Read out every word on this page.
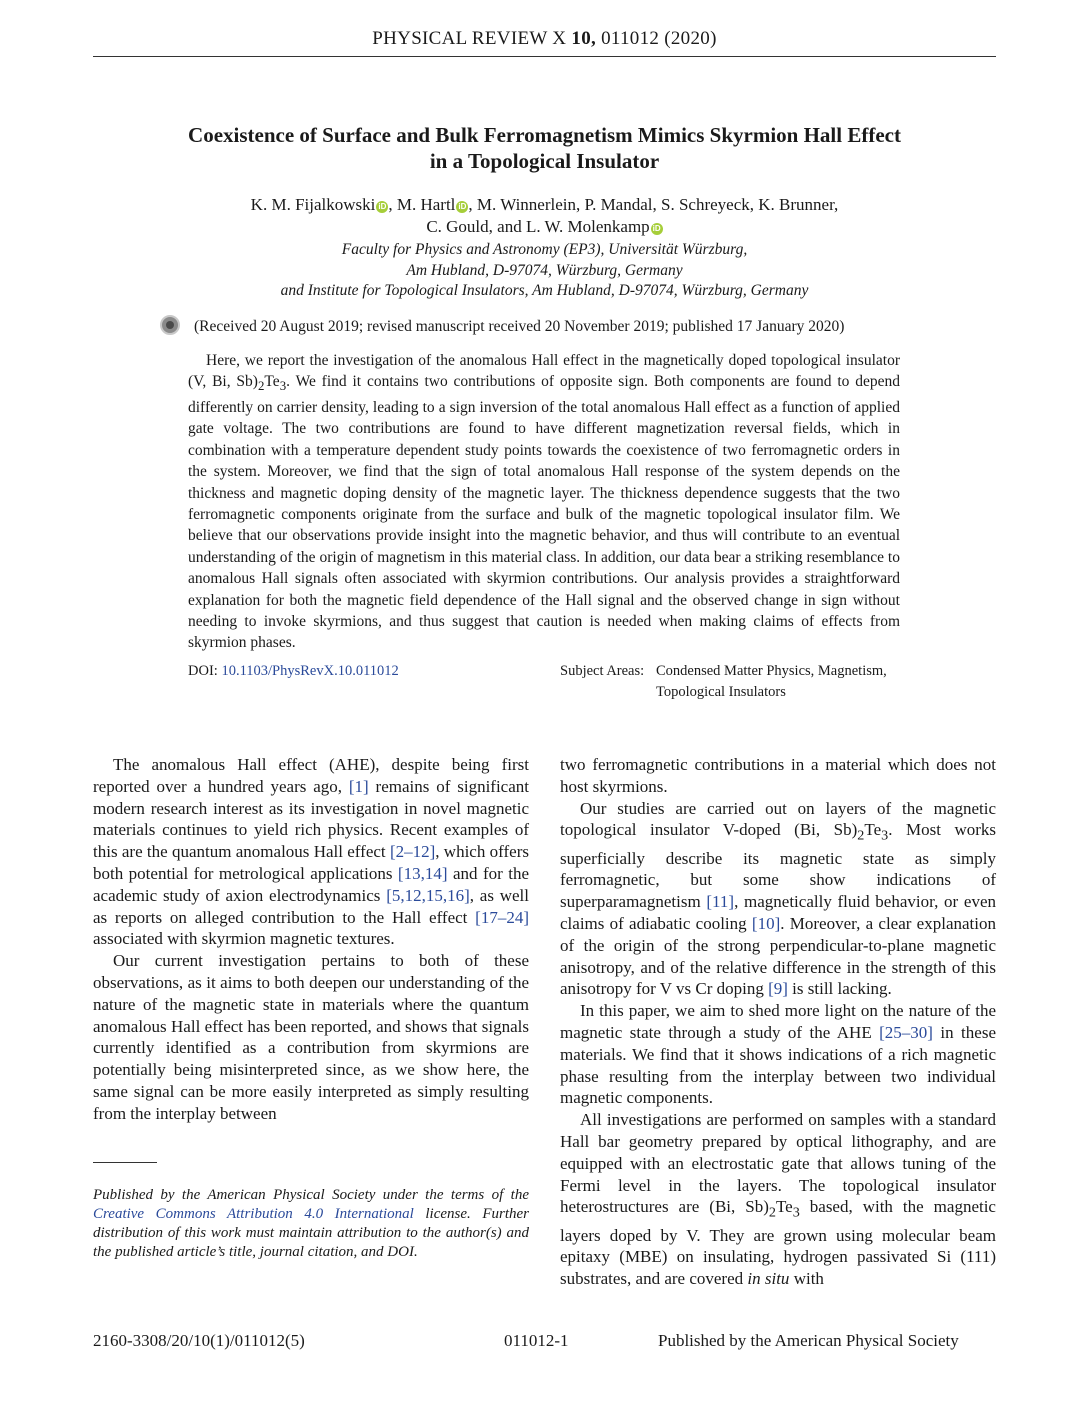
PHYSICAL REVIEW X 10, 011012 (2020)
Coexistence of Surface and Bulk Ferromagnetism Mimics Skyrmion Hall Effect
in a Topological Insulator
K. M. Fijalkowski iD , M. Hartl iD , M. Winnerlein, P. Mandal, S. Schreyeck, K. Brunner,
C. Gould, and L. W. Molenkamp iD
Faculty for Physics and Astronomy (EP3), Universität Würzburg,
Am Hubland, D-97074, Würzburg, Germany
and Institute for Topological Insulators, Am Hubland, D-97074, Würzburg, Germany
(Received 20 August 2019; revised manuscript received 20 November 2019; published 17 January 2020)

Here, we report the investigation of the anomalous Hall effect in the magnetically doped topological insulator (V, Bi, $Sb)_2Te_3$. We find it contains two contributions of opposite sign. Both components are found to depend differently on carrier density, leading to a sign inversion of the total anomalous Hall effect as a function of applied gate voltage. The two contributions are found to have different magnetization reversal fields, which in combination with a temperature dependent study points towards the coexistence of two ferromagnetic orders in the system. Moreover, we find that the sign of total anomalous Hall response of the system depends on the thickness and magnetic doping density of the magnetic layer. The thickness dependence suggests that the two ferromagnetic components originate from the surface and bulk of the magnetic topological insulator film. We believe that our observations provide insight into the magnetic behavior, and thus will contribute to an eventual understanding of the origin of magnetism in this material class. In addition, our data bear a striking resemblance to anomalous Hall signals often associated with skyrmion contributions. Our analysis provides a straightforward explanation for both the magnetic field dependence of the Hall signal and the observed change in sign without needing to invoke skyrmions, and thus suggest that caution is needed when making claims of effects from skyrmion phases.

DOI: 10.1103/PhysRevX.10.011012	Subject Areas: Condensed Matter Physics, Magnetism,
Topological Insulators

The anomalous Hall effect (AHE), despite being first reported over a hundred years ago, [1] remains of significant modern research interest as its investigation in novel magnetic materials continues to yield rich physics. Recent examples of this are the quantum anomalous Hall effect [2–12], which offers both potential for metrological applications [13,14] and for the academic study of axion electrodynamics [5,12,15,16], as well as reports on alleged contribution to the Hall effect [17–24] associated with skyrmion magnetic textures.

Our current investigation pertains to both of these observations, as it aims to both deepen our understanding of the nature of the magnetic state in materials where the quantum anomalous Hall effect has been reported, and shows that signals currently identified as a contribution from skyrmions are potentially being misinterpreted since, as we show here, the same signal can be more easily interpreted as simply resulting from the interplay between

two ferromagnetic contributions in a material which does not host skyrmions.

Our studies are carried out on layers of the magnetic topological insulator V-doped (Bi, $Sb)_2Te_3$. Most works superficially describe its magnetic state as simply ferromagnetic, but some show indications of superparamagnetism [11], magnetically fluid behavior, or even claims of adiabatic cooling [10]. Moreover, a clear explanation of the origin of the strong perpendicular-to-plane magnetic anisotropy, and of the relative difference in the strength of this anisotropy for V vs Cr doping [9] is still lacking.

In this paper, we aim to shed more light on the nature of the magnetic state through a study of the AHE [25–30] in these materials. We find that it shows indications of a rich magnetic phase resulting from the interplay between two individual magnetic components.

All investigations are performed on samples with a standard Hall bar geometry prepared by optical lithography, and are equipped with an electrostatic gate that allows tuning of the Fermi level in the layers. The topological insulator heterostructures are (Bi, $Sb)_2Te_3$ based, with the magnetic layers doped by V. They are grown using molecular beam epitaxy (MBE) on insulating, hydrogen passivated Si (111) substrates, and are covered in situ with

Published by the American Physical Society under the terms of the Creative Commons Attribution 4.0 International license. Further distribution of this work must maintain attribution to the author(s) and the published article’s title, journal citation, and DOI.

2160-3308/20/10(1)/011012(5)	011012-1	Published by the American Physical Society
